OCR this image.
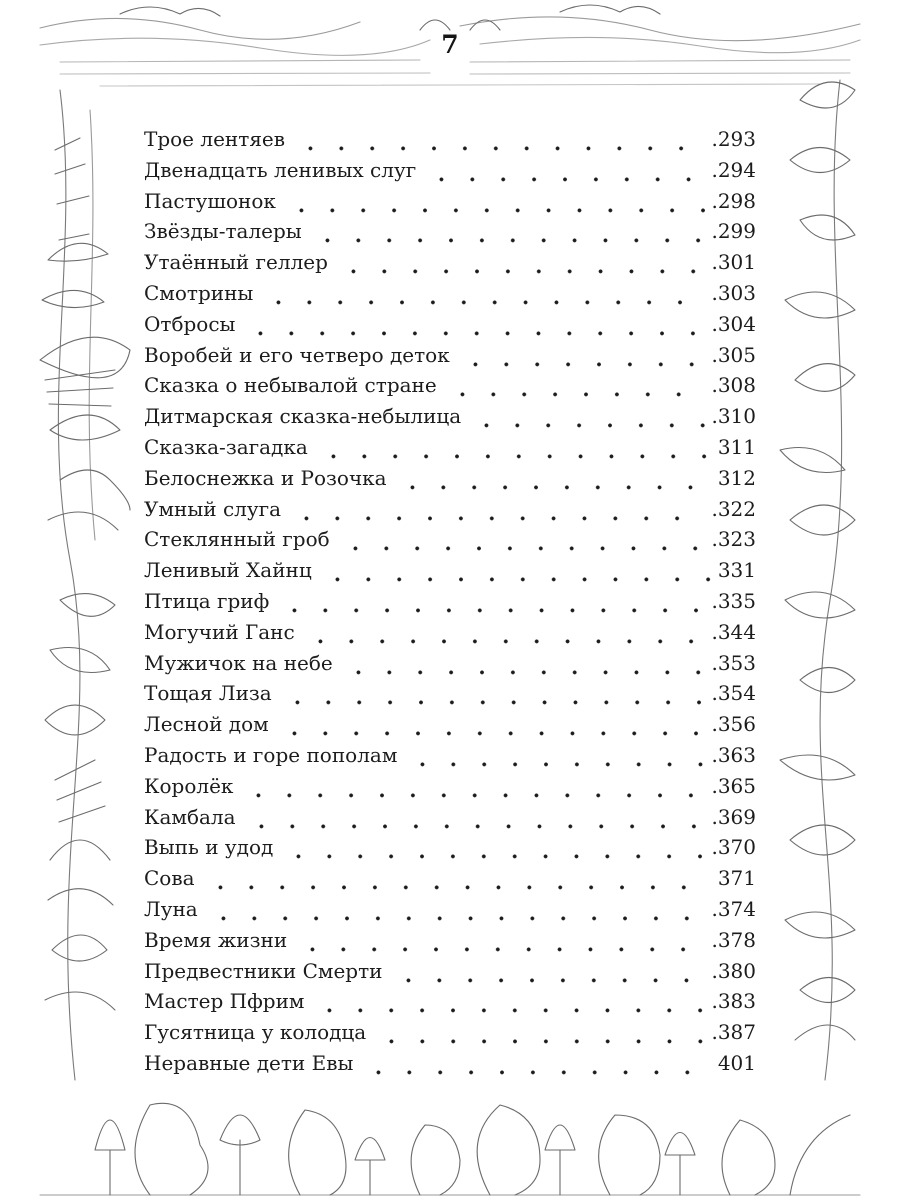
7
Трое лентяев	.293
Двенадцать ленивых слуг	.294
Пастушонок	.298
Звёзды-талеры	.299
Утаённый геллер	.301
Смотрины	.303
Отбросы	.304
Воробей и его четверо деток	.305
Сказка о небывалой стране	.308
Дитмарская сказка-небылица	.310
Сказка-загадка	311
Белоснежка и Розочка	312
Умный слуга	.322
Стеклянный гроб	.323
Ленивый Хайнц	331
Птица гриф	.335
Могучий Ганс	.344
Мужичок на небе	.353
Тощая Лиза	.354
Лесной дом	.356
Радость и горе пополам	.363
Королёк	.365
Камбала	.369
Выпь и удод	.370
Сова	371
Луна	.374
Время жизни	.378
Предвестники Смерти	.380
Мастер Пфрим	.383
Гусятница у колодца	.387
Неравные дети Евы	401
